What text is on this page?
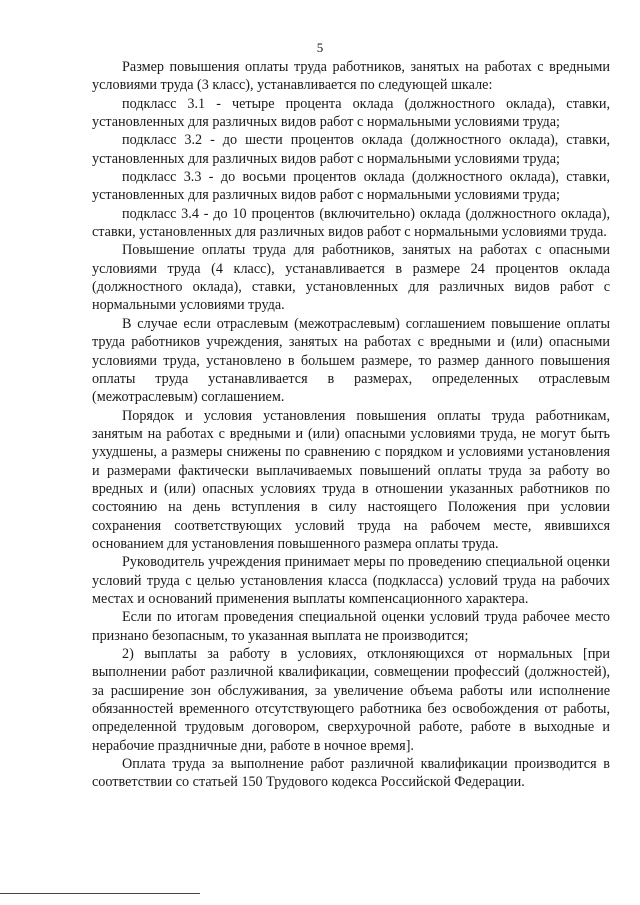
5

Размер повышения оплаты труда работников, занятых на работах с вредными условиями труда (3 класс), устанавливается по следующей шкале:

подкласс 3.1 - четыре процента оклада (должностного оклада), ставки, установленных для различных видов работ с нормальными условиями труда;

подкласс 3.2 - до шести процентов оклада (должностного оклада), ставки, установленных для различных видов работ с нормальными условиями труда;

подкласс 3.3 - до восьми процентов оклада (должностного оклада), ставки, установленных для различных видов работ с нормальными условиями труда;

подкласс 3.4 - до 10 процентов (включительно) оклада (должностного оклада), ставки, установленных для различных видов работ с нормальными условиями труда.

Повышение оплаты труда для работников, занятых на работах с опасными условиями труда (4 класс), устанавливается в размере 24 процентов оклада (должностного оклада), ставки, установленных для различных видов работ с нормальными условиями труда.

В случае если отраслевым (межотраслевым) соглашением повышение оплаты труда работников учреждения, занятых на работах с вредными и (или) опасными условиями труда, установлено в большем размере, то размер данного повышения оплаты труда устанавливается в размерах, определенных отраслевым (межотраслевым) соглашением.

Порядок и условия установления повышения оплаты труда работникам, занятым на работах с вредными и (или) опасными условиями труда, не могут быть ухудшены, а размеры снижены по сравнению с порядком и условиями установления и размерами фактически выплачиваемых повышений оплаты труда за работу во вредных и (или) опасных условиях труда в отношении указанных работников по состоянию на день вступления в силу настоящего Положения при условии сохранения соответствующих условий труда на рабочем месте, явившихся основанием для установления повышенного размера оплаты труда.

Руководитель учреждения принимает меры по проведению специальной оценки условий труда с целью установления класса (подкласса) условий труда на рабочих местах и оснований применения выплаты компенсационного характера.

Если по итогам проведения специальной оценки условий труда рабочее место признано безопасным, то указанная выплата не производится;

2) выплаты за работу в условиях, отклоняющихся от нормальных [при выполнении работ различной квалификации, совмещении профессий (должностей), за расширение зон обслуживания, за увеличение объема работы или исполнение обязанностей временного отсутствующего работника без освобождения от работы, определенной трудовым договором, сверхурочной работе, работе в выходные и нерабочие праздничные дни, работе в ночное время].

Оплата труда за выполнение работ различной квалификации производится в соответствии со статьей 150 Трудового кодекса Российской Федерации.
